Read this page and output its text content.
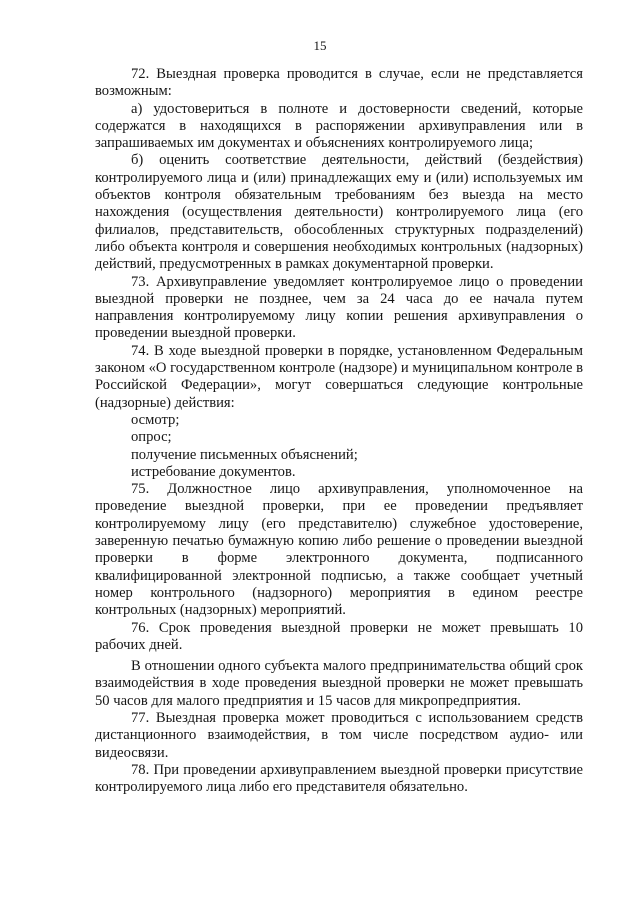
15

72. Выездная проверка проводится в случае, если не представляется возможным:

а) удостовериться в полноте и достоверности сведений, которые содержатся в находящихся в распоряжении архивуправления или в запрашиваемых им документах и объяснениях контролируемого лица;

б) оценить соответствие деятельности, действий (бездействия) контролируемого лица и (или) принадлежащих ему и (или) используемых им объектов контроля обязательным требованиям без выезда на место нахождения (осуществления деятельности) контролируемого лица (его филиалов, представительств, обособленных структурных подразделений) либо объекта контроля и совершения необходимых контрольных (надзорных) действий, предусмотренных в рамках документарной проверки.

73. Архивуправление уведомляет контролируемое лицо о проведении выездной проверки не позднее, чем за 24 часа до ее начала путем направления контролируемому лицу копии решения архивуправления о проведении выездной проверки.

74. В ходе выездной проверки в порядке, установленном Федеральным законом «О государственном контроле (надзоре) и муниципальном контроле в Российской Федерации», могут совершаться следующие контрольные (надзорные) действия:

осмотр;

опрос;

получение письменных объяснений;

истребование документов.

75. Должностное лицо архивуправления, уполномоченное на проведение выездной проверки, при ее проведении предъявляет контролируемому лицу (его представителю) служебное удостоверение, заверенную печатью бумажную копию либо решение о проведении выездной проверки в форме электронного документа, подписанного квалифицированной электронной подписью, а также сообщает учетный номер контрольного (надзорного) мероприятия в едином реестре контрольных (надзорных) мероприятий.

76. Срок проведения выездной проверки не может превышать 10 рабочих дней.

В отношении одного субъекта малого предпринимательства общий срок взаимодействия в ходе проведения выездной проверки не может превышать 50 часов для малого предприятия и 15 часов для микропредприятия.

77. Выездная проверка может проводиться с использованием средств дистанционного взаимодействия, в том числе посредством аудио- или видеосвязи.

78. При проведении архивуправлением выездной проверки присутствие контролируемого лица либо его представителя обязательно.
